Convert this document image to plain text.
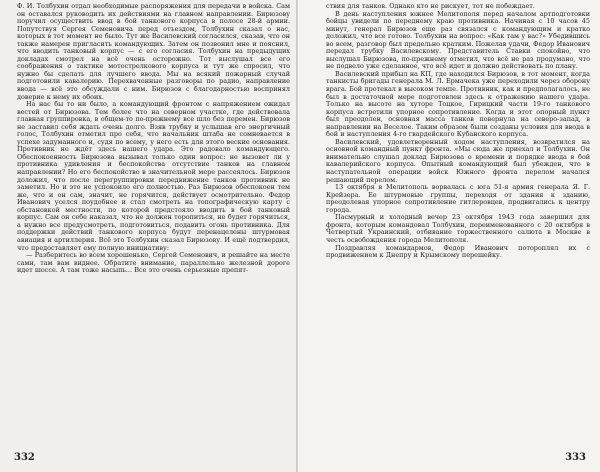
Ф. И. Толбухин отдал необходимые распоряжения для передачи в войска. Сам он оставался руководить их действиями на главном направлении. Бирюзову поручил осуществить ввод в бой танкового корпуса в полосе 28-й армии. Попутствуя Сергея Семеновича перед отъездом, Толбухин сказал о нас, которых в тот момент не было. Тут же Василевский согласился, сказав, что он также намерен пригласить командующих. Затем он позвонил мне и пояснил, что вводить танковый корпус — с его согласия. Толбухин на предыдущих докладах смотрел на всё очень осторожно. Тот выслушал все его соображения о тактике мотострелкового корпуса и тут же спросил, что нужно бы сделать для лучшего ввода. Мы на всякий пожарный случай подготовили кавалерию. Перехваченные разговоры по радио, направление ввода — всё это обсуждали с ним. Бирюзов с благодарностью воспринял доверие к нему их обоих.

На нас бы то ни было, а командующий фронтом с напряжением ожидал вестей от Бирюзова. Тем более что на северном участке, где действовала главная группировка, в общем-то по-прежнему все шло без перемен. Бирюзов не заставил себя ждать очень долго. Взяв трубку и услышав его энергичный голос, Толбухин отметил про себя, что начальник штаба не сомневается в успехе задуманного и, судя по всему, у него есть для этого веские основания. Противник не ждёт здесь нашего удара. Это радовало командующего. Обеспокоенность Бирюзова вызывал только один вопрос: не вызовет ли у противника удивления и беспокойства отсутствие танков на главном направлении? Но его беспокойство в значительной мере рассеялось. Бирюзов доложил, что после перегруппировки передвижение танков противник не заметил. Но и это не успокоило его полностью. Раз Бирюзов обеспокоен тем же, что и он сам, значит, не горячится, действует осмотрительно. Федор Иванович уселся поудобнее и стал смотреть на топографическую карту с обстановкой местности, по которой предстояло вводить в бой танковый корпус. Сам он себе наказал, что не должен торопиться, не будет горячиться, а нужно все предусмотреть, подготовиться, подавить огонь противника. Для поддержки действий танкового корпуса будут перенацелены штурмовая авиация и артиллерия. Всё это Толбухин сказал Бирюзову. И ещё подтвердил, что предоставляет ему полную инициативу:

— Разберитесь во всем хорошенько, Сергей Семенович, и решайте на месте сами, там вам виднее. Обратите внимание, параллельно железной дороге идет шоссе. А там тоже насыпь... Все это очень серьезные препят-

332

ствия для танков. Однако кто не рискует, тот не побеждает.

В день наступления южнее Мелитополя перед началом артподготовки бойцы увидели по переднему краю противника. Начиная с 10 часов 45 минут, генерал Бирюзов еще раз связался с командующим и кратко доложил, что все готово. Толбухин на вопрос: «Как там у вас?» Убедившись во всем, разговор был предельно кратким. Пожелав удачи, Федор Иванович передал трубку Василевскому. Представитель Ставки спокойно, что выслушал Бирюзова, по-прежнему отметил, что всё не раз продумано, что не подвело уже сделанное, что всё идет и должно действовать по плану.

Василевский прибыл на КП, где находился Бирюзов, в тот момент, когда танкисты бригады генерала М. Л. Ермачека уже переходили через оборону врага. Бой протекал в высоком темпе. Противник, как и предполагалось, не был в достаточной мере подготовлен здесь к отражению нашего удара. Только на высоте на хуторе Тоцкое, Гирицкий части 19-го танкового корпуса встретили упорное сопротивление. Когда и этот опорный пункт был преодолен, основная масса танков повернула на северо-запад, в направлении на Веселое. Таким образом были созданы условия для ввода в бой и наступления 4-го гвардейского Кубанского корпуса.

Василевский, удовлетворенный ходом наступления, возвратился на основной командный пункт фронта. «Мы сюда же приехал и Толбухин. Он внимательно слушал доклад Бирюзова о времени и порядке ввода в бой кавалерийского корпуса. Опытный командующий был убежден, что в наступательной операции войск Южного фронта перелом начался решающий перелом.

13 октября в Мелитополь ворвалась с юга 51-я армия генерала Я. Г. Крейзера. Ее штурмовые группы, переходя от здания к зданию, преодолевая упорное сопротивление гитлеровцев, продвигались к центру города.

Пасмурный и холодный вечер 23 октября 1943 года завершил для фронта, которым командовал Толбухин, переименованного с 20 октября в Четвертый Украинский, отбивание торжественного салюта в Москве в честь освобождения города Мелитополя.

Поздравляя командармов, Федор Иванович потороплял их с продвижением к Днепру и Крымскому перешейку.

333
